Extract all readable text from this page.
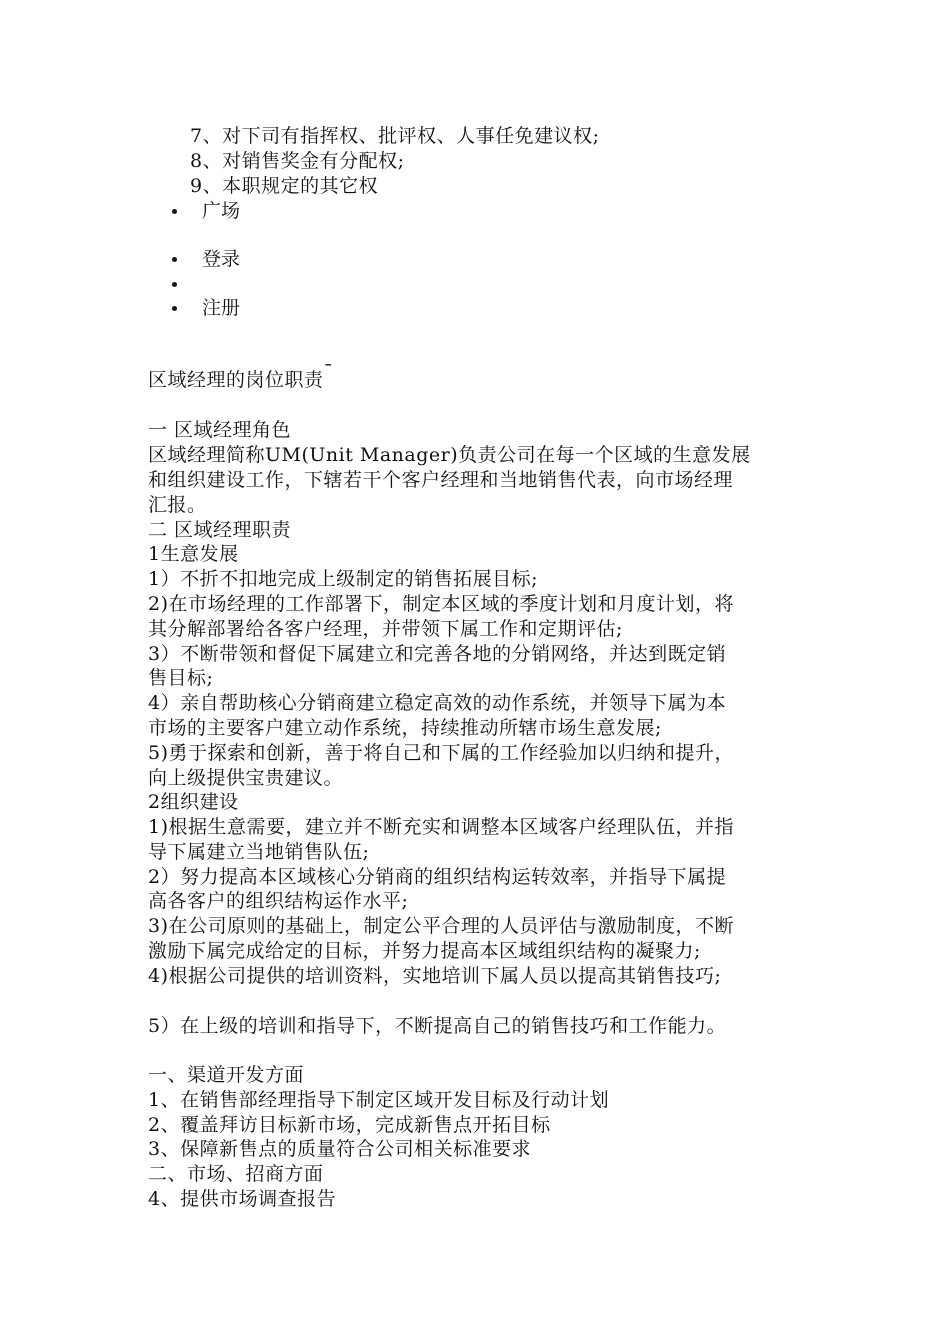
7、对下司有指挥权、批评权、人事任免建议权;
8、对销售奖金有分配权;
9、本职规定的其它权
广场
登录
注册
区域经理的岗位职责¯
一 区域经理角色
区域经理简称UM(Unit Manager)负责公司在每一个区域的生意发展
和组织建设工作，下辖若干个客户经理和当地销售代表，向市场经理
汇报。
二 区域经理职责
1生意发展
1）不折不扣地完成上级制定的销售拓展目标;
2)在市场经理的工作部署下，制定本区域的季度计划和月度计划，将
其分解部署给各客户经理，并带领下属工作和定期评估;
3）不断带领和督促下属建立和完善各地的分销网络，并达到既定销
售目标;
4）亲自帮助核心分销商建立稳定高效的动作系统，并领导下属为本
市场的主要客户建立动作系统，持续推动所辖市场生意发展;
5)勇于探索和创新，善于将自己和下属的工作经验加以归纳和提升，
向上级提供宝贵建议。
2组织建设
1)根据生意需要，建立并不断充实和调整本区域客户经理队伍，并指
导下属建立当地销售队伍;
2）努力提高本区域核心分销商的组织结构运转效率，并指导下属提
高各客户的组织结构运作水平;
3)在公司原则的基础上，制定公平合理的人员评估与激励制度，不断
激励下属完成给定的目标，并努力提高本区域组织结构的凝聚力;
4)根据公司提供的培训资料，实地培训下属人员以提高其销售技巧;
5）在上级的培训和指导下，不断提高自己的销售技巧和工作能力。
一、渠道开发方面
1、在销售部经理指导下制定区域开发目标及行动计划
2、覆盖拜访目标新市场，完成新售点开拓目标
3、保障新售点的质量符合公司相关标准要求
二、市场、招商方面
4、提供市场调查报告
